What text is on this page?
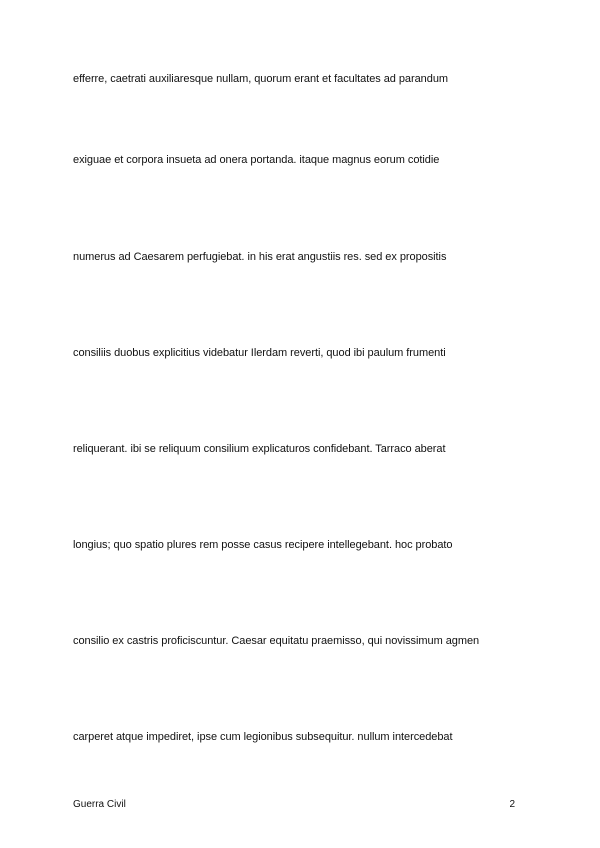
efferre, caetrati auxiliaresque nullam, quorum erant et facultates ad parandum
exiguae et corpora insueta ad onera portanda. itaque magnus eorum cotidie
numerus ad Caesarem perfugiebat. in his erat angustiis res. sed ex propositis
consiliis duobus explicitius videbatur Ilerdam reverti, quod ibi paulum frumenti
reliquerant. ibi se reliquum consilium explicaturos confidebant. Tarraco aberat
longius; quo spatio plures rem posse casus recipere intellegebant. hoc probato
consilio ex castris proficiscuntur. Caesar equitatu praemisso, qui novissimum agmen
carperet atque impediret, ipse cum legionibus subsequitur. nullum intercedebat
Guerra Civil	2
